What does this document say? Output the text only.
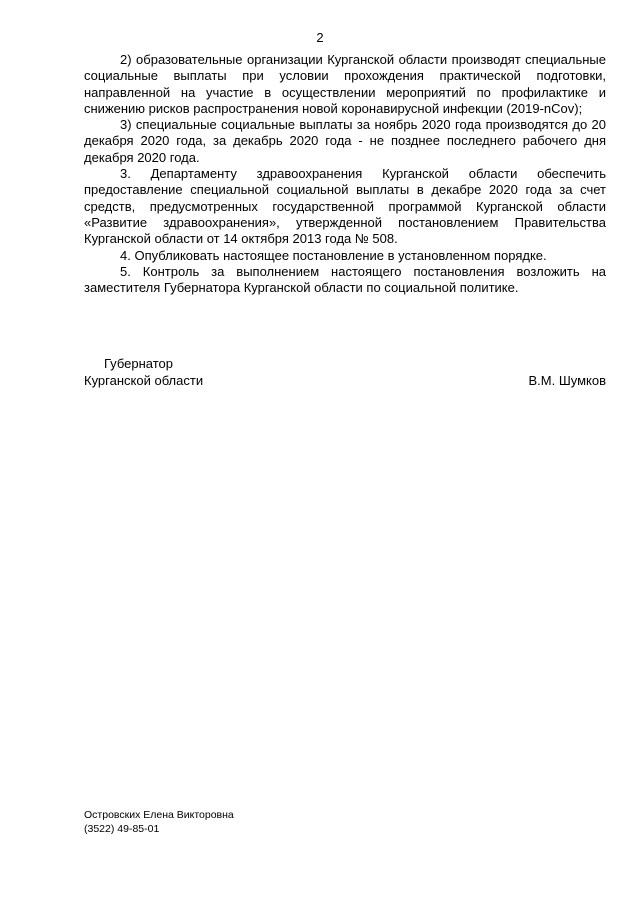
2

2) образовательные организации Курганской области производят специальные социальные выплаты при условии прохождения практической подготовки, направленной на участие в осуществлении мероприятий по профилактике и снижению рисков распространения новой коронавирусной инфекции (2019-nCov);

3) специальные социальные выплаты за ноябрь 2020 года производятся до 20 декабря 2020 года, за декабрь 2020 года - не позднее последнего рабочего дня декабря 2020 года.

3. Департаменту здравоохранения Курганской области обеспечить предоставление специальной социальной выплаты в декабре 2020 года за счет средств, предусмотренных государственной программой Курганской области «Развитие здравоохранения», утвержденной постановлением Правительства Курганской области от 14 октября 2013 года № 508.

4. Опубликовать настоящее постановление в установленном порядке.

5. Контроль за выполнением настоящего постановления возложить на заместителя Губернатора Курганской области по социальной политике.

Губернатор
Курганской области	В.М. Шумков
Островских Елена Викторовна
(3522) 49-85-01
